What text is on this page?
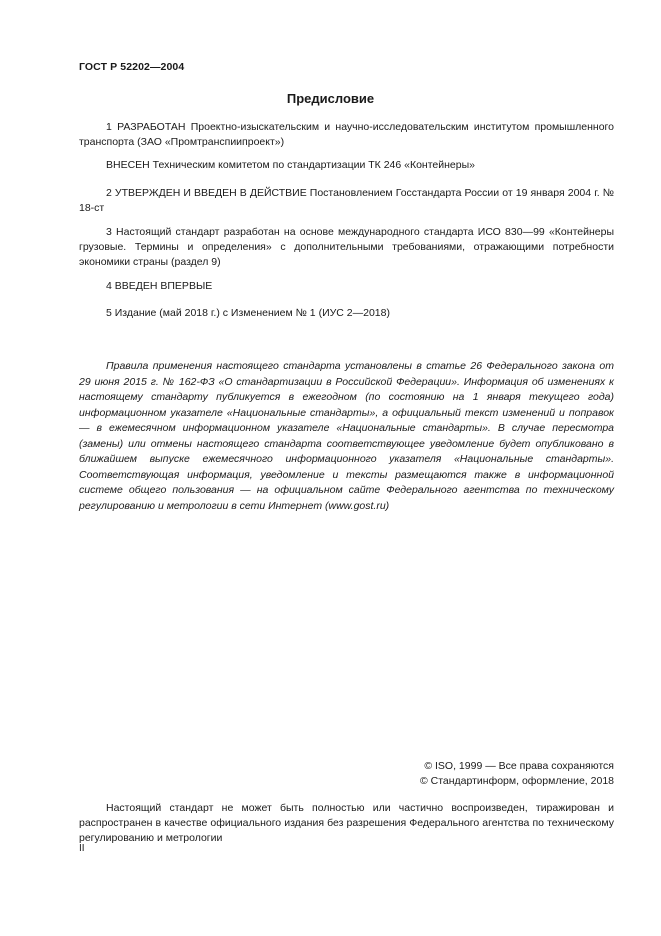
ГОСТ Р 52202—2004
Предисловие
1 РАЗРАБОТАН Проектно-изыскательским и научно-исследовательским институтом промышленного транспорта (ЗАО «Промтранспиипроект»)
ВНЕСЕН Техническим комитетом по стандартизации ТК 246 «Контейнеры»
2 УТВЕРЖДЕН И ВВЕДЕН В ДЕЙСТВИЕ Постановлением Госстандарта России от 19 января 2004 г. № 18-ст
3 Настоящий стандарт разработан на основе международного стандарта ИСО 830—99 «Контейнеры грузовые. Термины и определения» с дополнительными требованиями, отражающими потребности экономики страны (раздел 9)
4 ВВЕДЕН ВПЕРВЫЕ
5 Издание (май 2018 г.) с Изменением № 1 (ИУС 2—2018)
Правила применения настоящего стандарта установлены в статье 26 Федерального закона от 29 июня 2015 г. № 162-ФЗ «О стандартизации в Российской Федерации». Информация об изменениях к настоящему стандарту публикуется в ежегодном (по состоянию на 1 января текущего года) информационном указателе «Национальные стандарты», а официальный текст изменений и поправок — в ежемесячном информационном указателе «Национальные стандарты». В случае пересмотра (замены) или отмены настоящего стандарта соответствующее уведомление будет опубликовано в ближайшем выпуске ежемесячного информационного указателя «Национальные стандарты». Соответствующая информация, уведомление и тексты размещаются также в информационной системе общего пользования — на официальном сайте Федерального агентства по техническому регулированию и метрологии в сети Интернет (www.gost.ru)
© ISO, 1999 — Все права сохраняются
© Стандартинформ, оформление, 2018
Настоящий стандарт не может быть полностью или частично воспроизведен, тиражирован и распространен в качестве официального издания без разрешения Федерального агентства по техническому регулированию и метрологии
II
